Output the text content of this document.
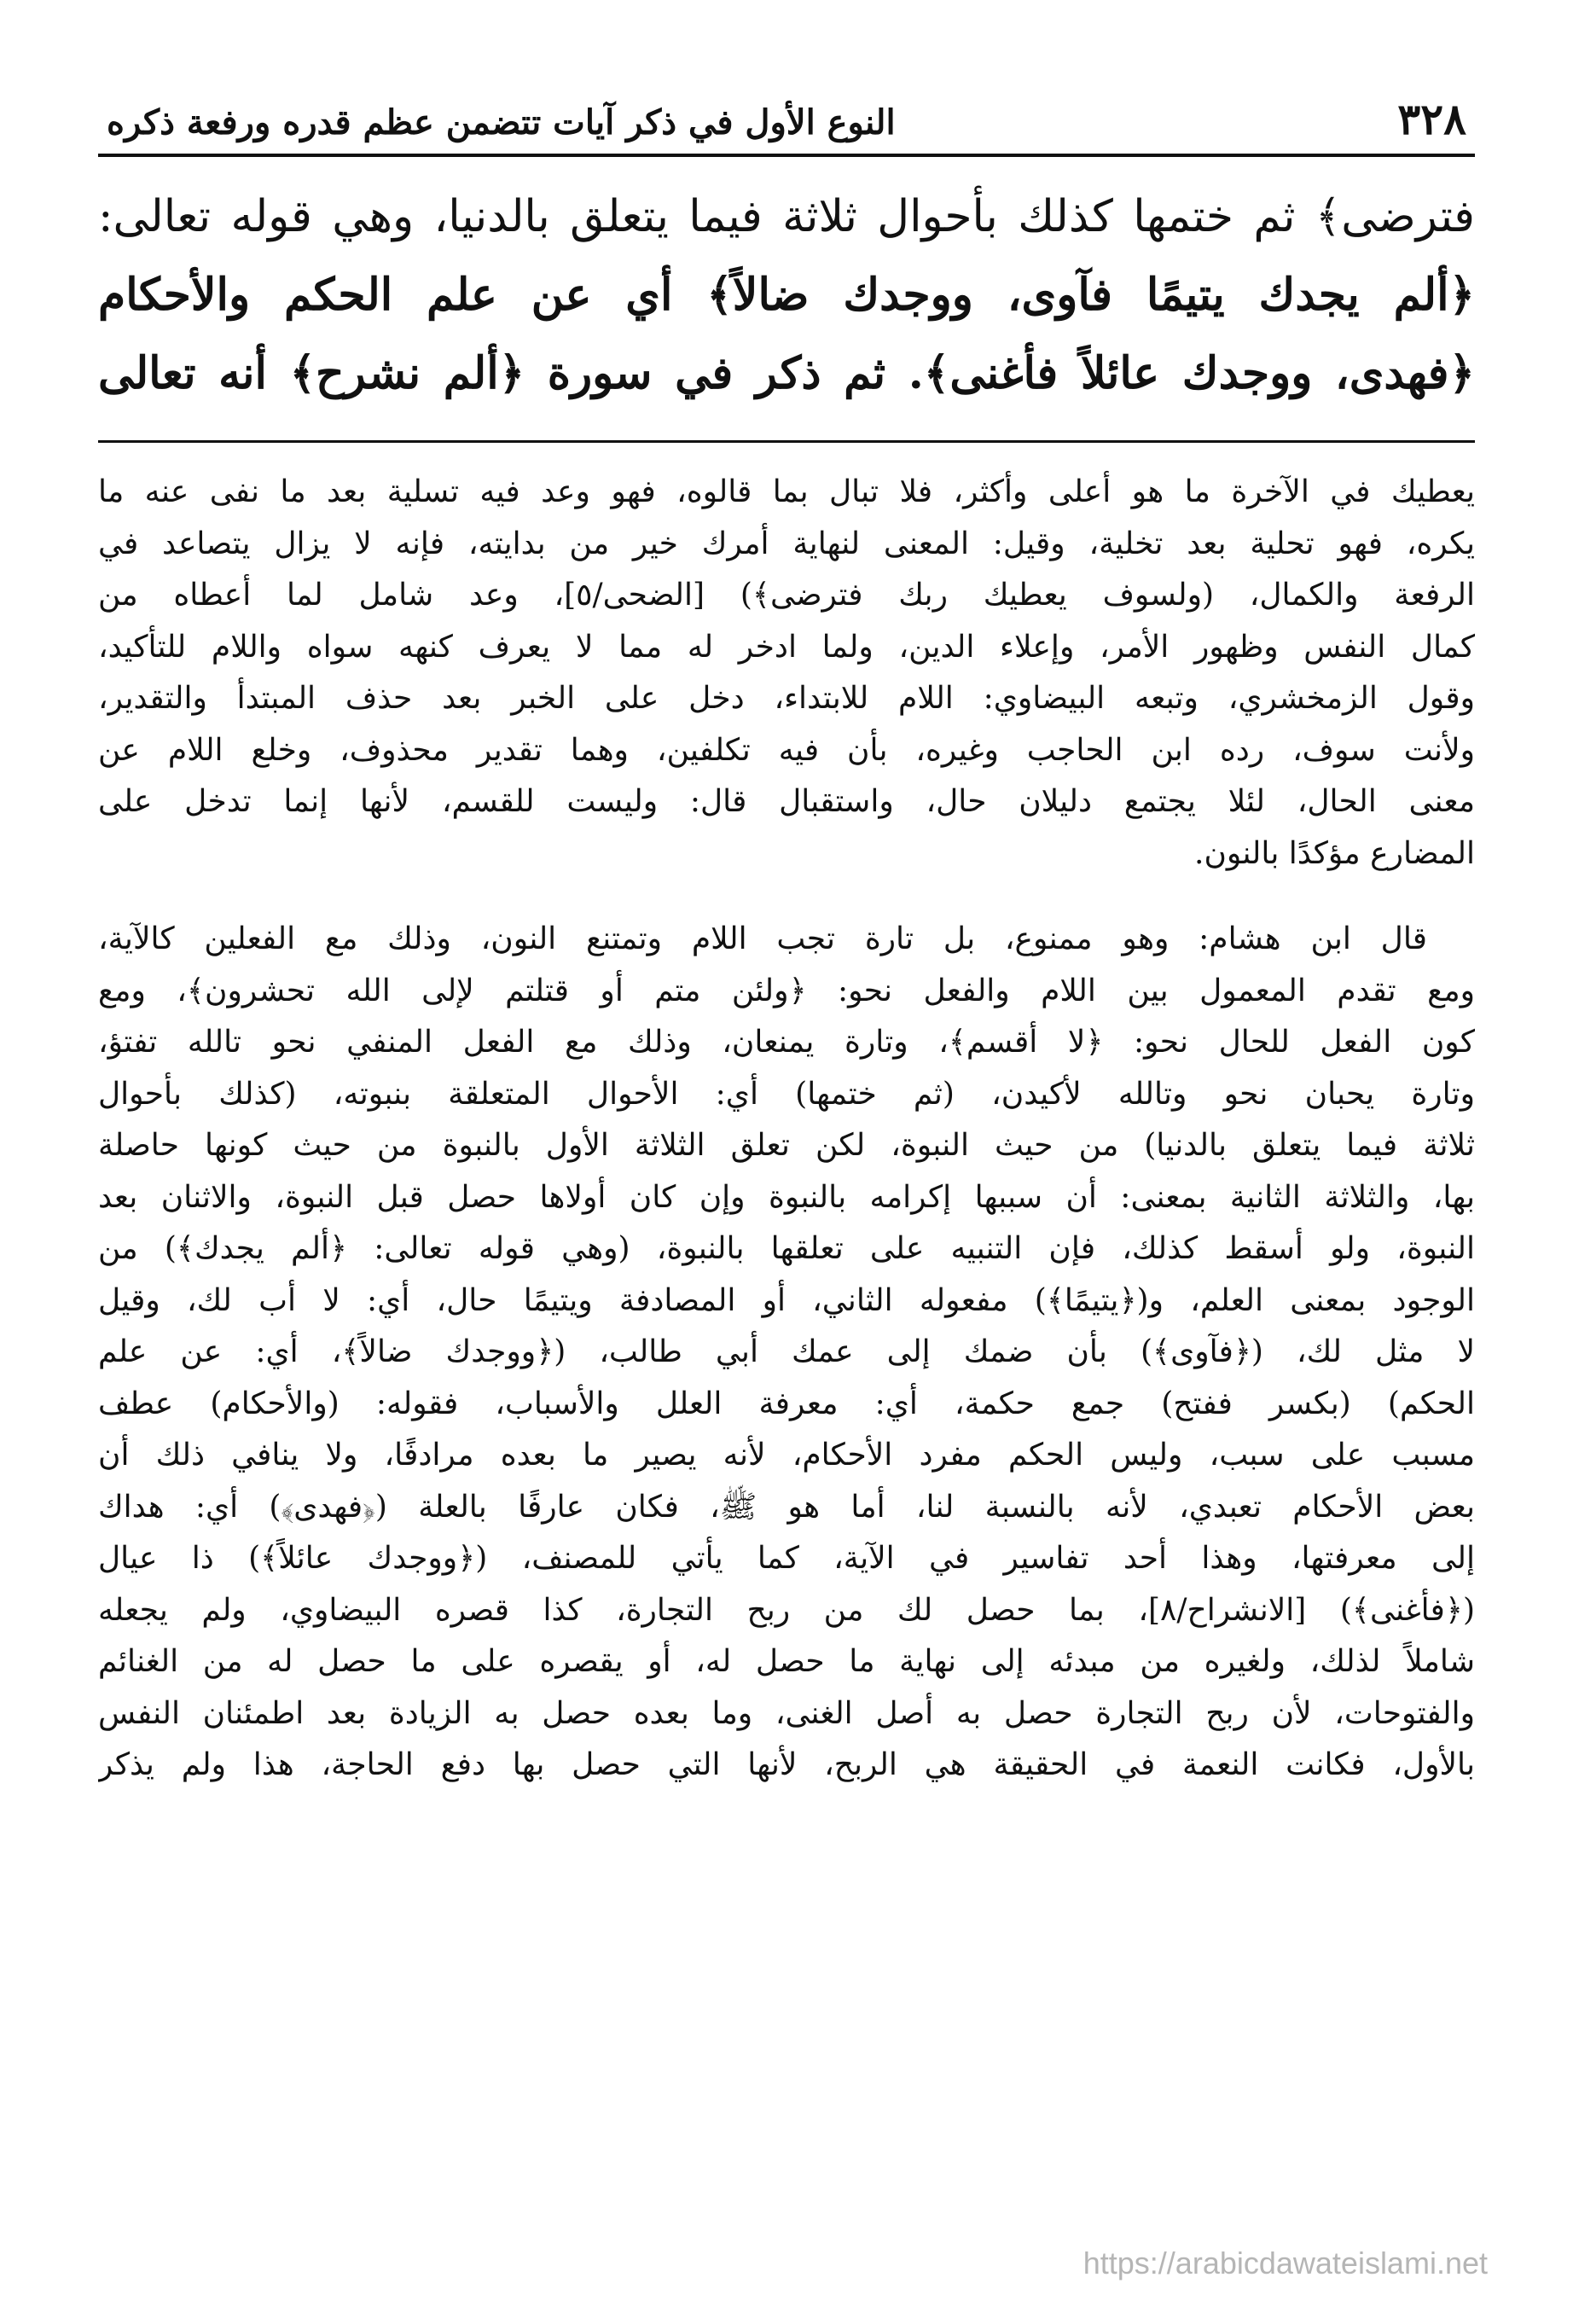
٣٢٨
النوع الأول في ذكر آيات تتضمن عظم قدره ورفعة ذكره
فترضى﴾ ثم ختمها كذلك بأحوال ثلاثة فيما يتعلق بالدنيا، وهي قوله تعالى:
﴿ألم يجدك يتيمًا فآوى، ووجدك ضالاً﴾ أي عن علم الحكم والأحكام
﴿فهدى، ووجدك عائلاً فأغنى﴾. ثم ذكر في سورة ﴿ألم نشرح﴾ أنه تعالى
يعطيك في الآخرة ما هو أعلى وأكثر، فلا تبال بما قالوه، فهو وعد فيه تسلية بعد ما نفى عنه ما
يكره، فهو تحلية بعد تخلية، وقيل: المعنى لنهاية أمرك خير من بدايته، فإنه لا يزال يتصاعد في
الرفعة والكمال، (ولسوف يعطيك ربك فترضى﴾) [الضحى/٥]، وعد شامل لما أعطاه من
كمال النفس وظهور الأمر، وإعلاء الدين، ولما ادخر له مما لا يعرف كنهه سواه واللام للتأكيد،
وقول الزمخشري، وتبعه البيضاوي: اللام للابتداء، دخل على الخبر بعد حذف المبتدأ والتقدير،
ولأنت سوف، رده ابن الحاجب وغيره، بأن فيه تكلفين، وهما تقدير محذوف، وخلع اللام عن
معنى الحال، لئلا يجتمع دليلان حال، واستقبال قال: وليست للقسم، لأنها إنما تدخل على
المضارع مؤكدًا بالنون.
قال ابن هشام: وهو ممنوع، بل تارة تجب اللام وتمتنع النون، وذلك مع الفعلين كالآية،
ومع تقدم المعمول بين اللام والفعل نحو: ﴿ولئن متم أو قتلتم لإلى الله تحشرون﴾، ومع
كون الفعل للحال نحو: ﴿لا أقسم﴾، وتارة يمنعان، وذلك مع الفعل المنفي نحو تالله تفتؤ،
وتارة يحبان نحو وتالله لأكيدن، (ثم ختمها) أي: الأحوال المتعلقة بنبوته، (كذلك بأحوال
ثلاثة فيما يتعلق بالدنيا) من حيث النبوة، لكن تعلق الثلاثة الأول بالنبوة من حيث كونها حاصلة
بها، والثلاثة الثانية بمعنى: أن سببها إكرامه بالنبوة وإن كان أولاها حصل قبل النبوة، والاثنان بعد
النبوة، ولو أسقط كذلك، فإن التنبيه على تعلقها بالنبوة، (وهي قوله تعالى: ﴿ألم يجدك﴾) من
الوجود بمعنى العلم، و(﴿يتيمًا﴾) مفعوله الثاني، أو المصادفة ويتيمًا حال، أي: لا أب لك، وقيل
لا مثل لك، (﴿فآوى﴾) بأن ضمك إلى عمك أبي طالب، (﴿ووجدك ضالاً﴾، أي: عن علم
الحكم) (بكسر ففتح) جمع حكمة، أي: معرفة العلل والأسباب، فقوله: (والأحكام) عطف
مسبب على سبب، وليس الحكم مفرد الأحكام، لأنه يصير ما بعده مرادفًا، ولا ينافي ذلك أن
بعض الأحكام تعبدي، لأنه بالنسبة لنا، أما هو ﷺ، فكان عارفًا بالعلة (﴿فهدى﴾) أي: هداك
إلى معرفتها، وهذا أحد تفاسير في الآية، كما يأتي للمصنف، (﴿ووجدك عائلاً﴾) ذا عيال
(﴿فأغنى﴾) [الانشراح/٨]، بما حصل لك من ربح التجارة، كذا قصره البيضاوي، ولم يجعله
شاملاً لذلك، ولغيره من مبدئه إلى نهاية ما حصل له، أو يقصره على ما حصل له من الغنائم
والفتوحات، لأن ربح التجارة حصل به أصل الغنى، وما بعده حصل به الزيادة بعد اطمئنان النفس
بالأول، فكانت النعمة في الحقيقة هي الربح، لأنها التي حصل بها دفع الحاجة، هذا ولم يذكر
https://arabicdawateislami.net
